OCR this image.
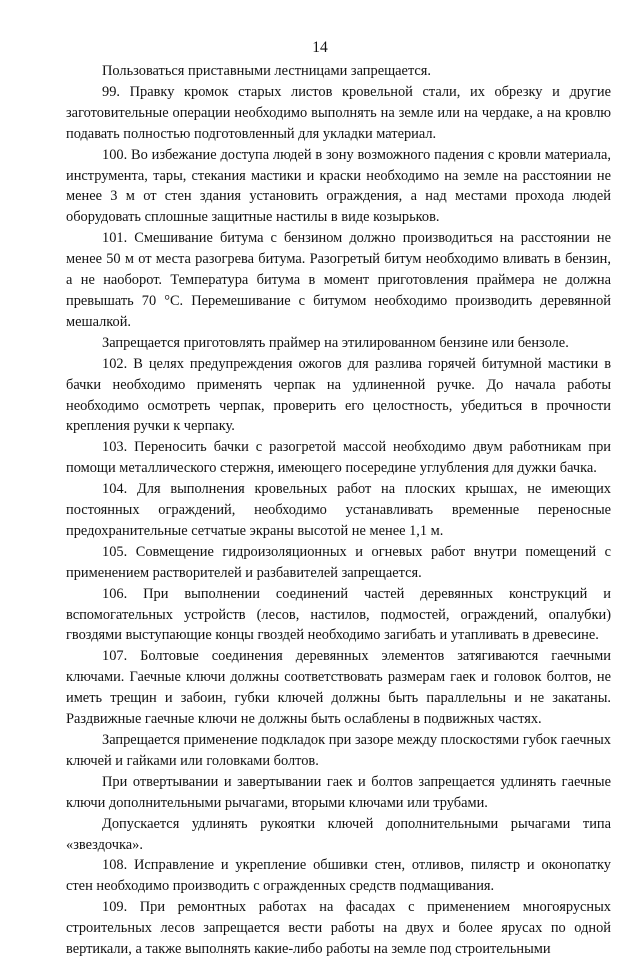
14

Пользоваться приставными лестницами запрещается.

99. Правку кромок старых листов кровельной стали, их обрезку и другие заготовительные операции необходимо выполнять на земле или на чердаке, а на кровлю подавать полностью подготовленный для укладки материал.

100. Во избежание доступа людей в зону возможного падения с кровли материала, инструмента, тары, стекания мастики и краски необходимо на земле на расстоянии не менее 3 м от стен здания установить ограждения, а над местами прохода людей оборудовать сплошные защитные настилы в виде козырьков.

101. Смешивание битума с бензином должно производиться на расстоянии не менее 50 м от места разогрева битума. Разогретый битум необходимо вливать в бензин, а не наоборот. Температура битума в момент приготовления праймера не должна превышать 70 °С. Перемешивание с битумом необходимо производить деревянной мешалкой.

Запрещается приготовлять праймер на этилированном бензине или бензоле.

102. В целях предупреждения ожогов для разлива горячей битумной мастики в бачки необходимо применять черпак на удлиненной ручке. До начала работы необходимо осмотреть черпак, проверить его целостность, убедиться в прочности крепления ручки к черпаку.

103. Переносить бачки с разогретой массой необходимо двум работникам при помощи металлического стержня, имеющего посередине углубления для дужки бачка.

104. Для выполнения кровельных работ на плоских крышах, не имеющих постоянных ограждений, необходимо устанавливать временные переносные предохранительные сетчатые экраны высотой не менее 1,1 м.

105. Совмещение гидроизоляционных и огневых работ внутри помещений с применением растворителей и разбавителей запрещается.

106. При выполнении соединений частей деревянных конструкций и вспомогательных устройств (лесов, настилов, подмостей, ограждений, опалубки) гвоздями выступающие концы гвоздей необходимо загибать и утапливать в древесине.

107. Болтовые соединения деревянных элементов затягиваются гаечными ключами. Гаечные ключи должны соответствовать размерам гаек и головок болтов, не иметь трещин и забоин, губки ключей должны быть параллельны и не закатаны. Раздвижные гаечные ключи не должны быть ослаблены в подвижных частях.

Запрещается применение подкладок при зазоре между плоскостями губок гаечных ключей и гайками или головками болтов.

При отвертывании и завертывании гаек и болтов запрещается удлинять гаечные ключи дополнительными рычагами, вторыми ключами или трубами.

Допускается удлинять рукоятки ключей дополнительными рычагами типа «звездочка».

108. Исправление и укрепление обшивки стен, отливов, пилястр и оконопатку стен необходимо производить с огражденных средств подмащивания.

109. При ремонтных работах на фасадах с применением многоярусных строительных лесов запрещается вести работы на двух и более ярусах по одной вертикали, а также выполнять какие-либо работы на земле под строительными
